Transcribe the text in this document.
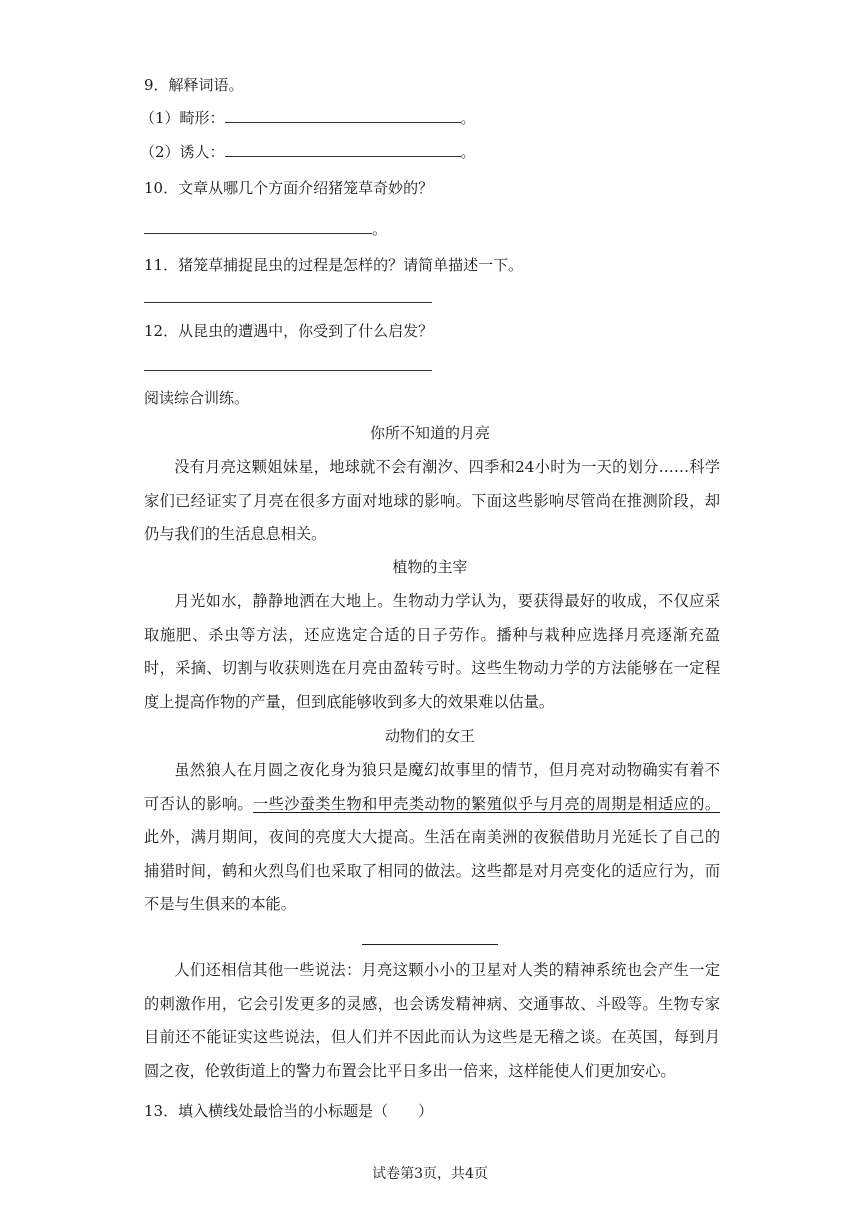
9．解释词语。
（1）畸形：	。
（2）诱人：	。
10．文章从哪几个方面介绍猪笼草奇妙的？
。
11．猪笼草捕捉昆虫的过程是怎样的？请简单描述一下。
12．从昆虫的遭遇中，你受到了什么启发？
阅读综合训练。
你所不知道的月亮
没有月亮这颗姐妹星，地球就不会有潮汐、四季和24小时为一天的划分……科学家们已经证实了月亮在很多方面对地球的影响。下面这些影响尽管尚在推测阶段，却仍与我们的生活息息相关。
植物的主宰
月光如水，静静地洒在大地上。生物动力学认为，要获得最好的收成，不仅应采取施肥、杀虫等方法，还应选定合适的日子劳作。播种与栽种应选择月亮逐渐充盈时，采摘、切割与收获则选在月亮由盈转亏时。这些生物动力学的方法能够在一定程度上提高作物的产量，但到底能够收到多大的效果难以估量。
动物们的女王
虽然狼人在月圆之夜化身为狼只是魔幻故事里的情节，但月亮对动物确实有着不可否认的影响。一些沙蚕类生物和甲壳类动物的繁殖似乎与月亮的周期是相适应的。此外，满月期间，夜间的亮度大大提高。生活在南美洲的夜猴借助月光延长了自己的捕猎时间，鹤和火烈鸟们也采取了相同的做法。这些都是对月亮变化的适应行为，而不是与生俱来的本能。
人们还相信其他一些说法：月亮这颗小小的卫星对人类的精神系统也会产生一定的刺激作用，它会引发更多的灵感，也会诱发精神病、交通事故、斗殴等。生物专家目前还不能证实这些说法，但人们并不因此而认为这些是无稽之谈。在英国，每到月圆之夜，伦敦街道上的警力布置会比平日多出一倍来，这样能使人们更加安心。
13．填入横线处最恰当的小标题是（　　）
试卷第3页，共4页
